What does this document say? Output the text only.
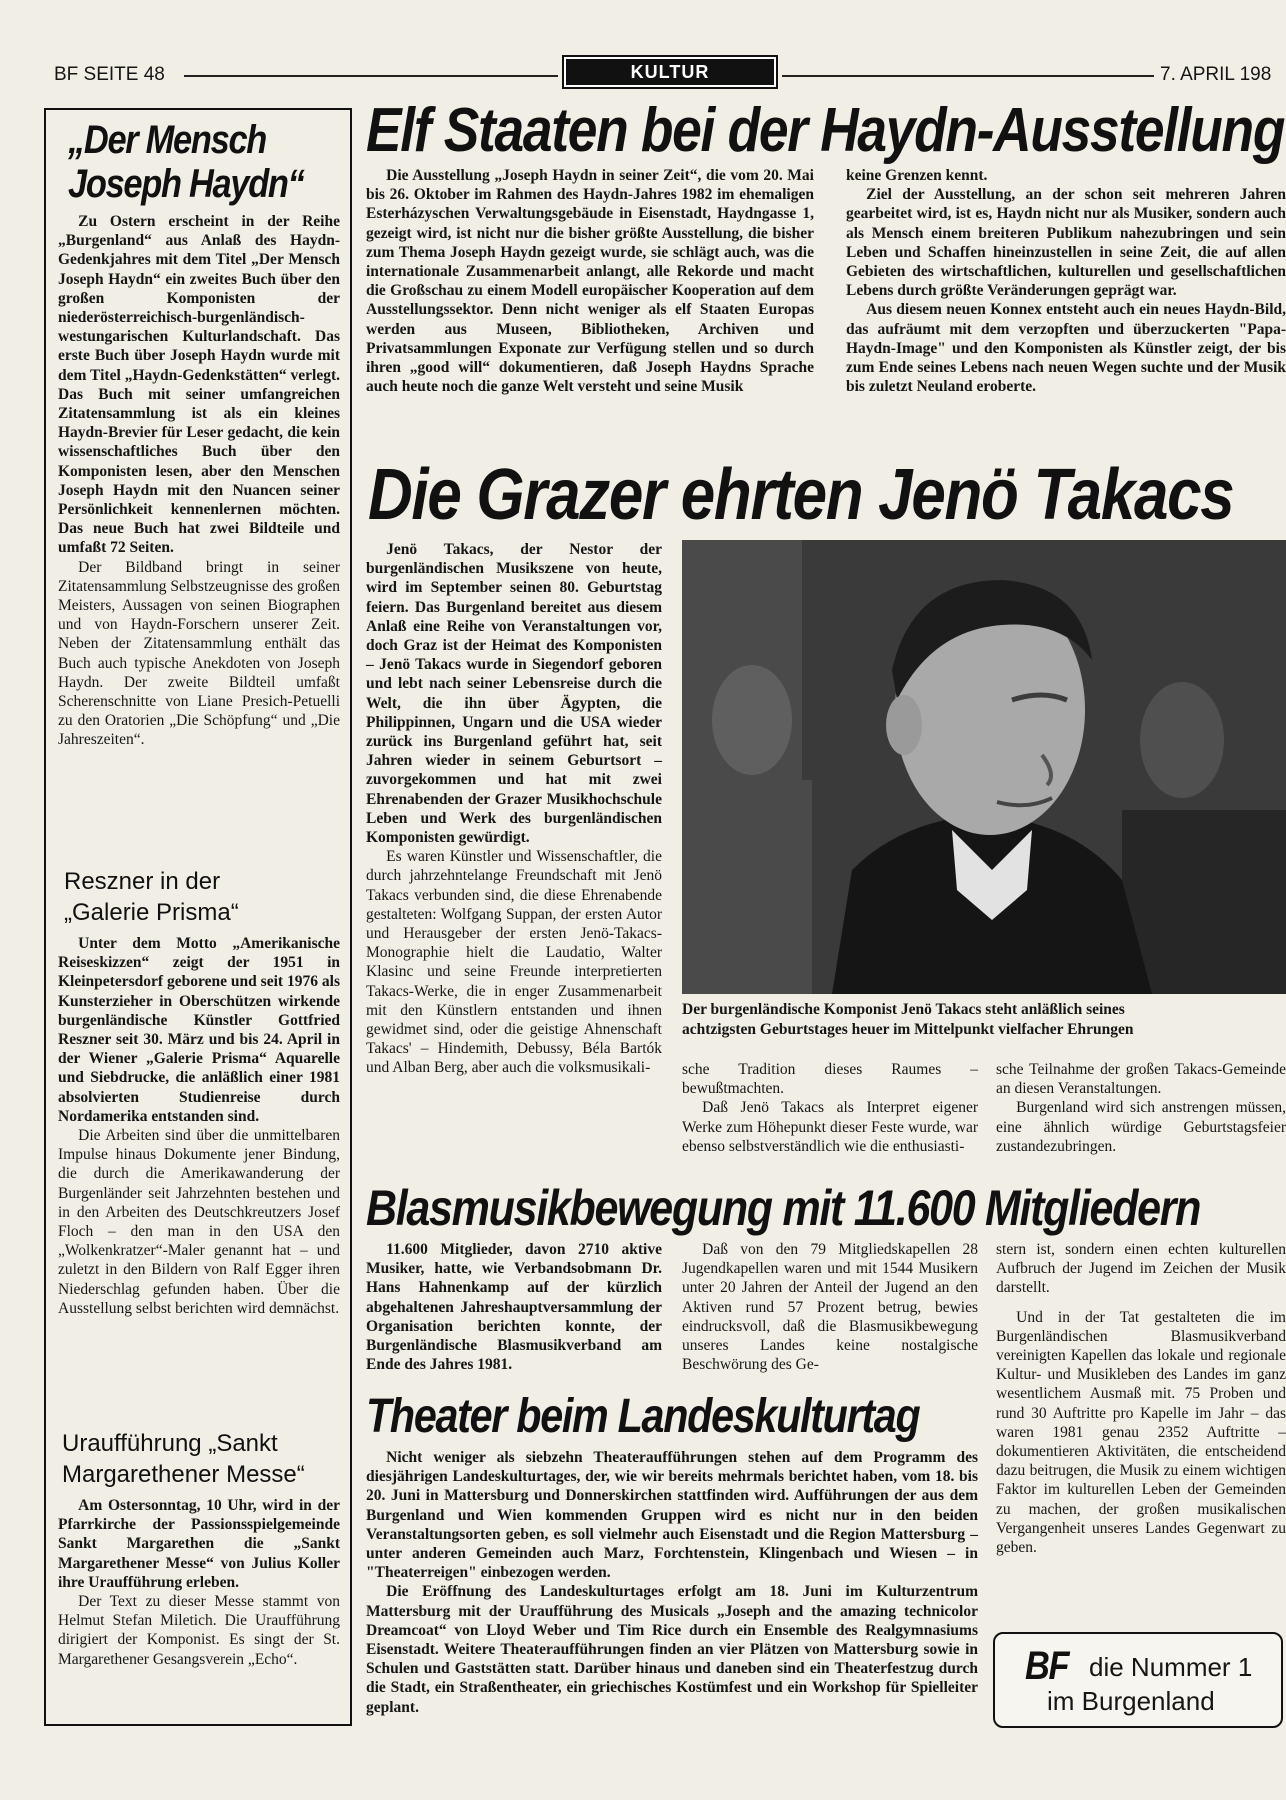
BF SEITE 48	KULTUR	7. APRIL 198
„Der Mensch
Joseph Haydn“

Zu Ostern erscheint in der Reihe „Burgenland“ aus Anlaß des Haydn-Gedenkjahres mit dem Titel „Der Mensch Joseph Haydn“ ein zweites Buch über den großen Komponisten der niederösterreichisch-burgenländisch-westungarischen Kulturlandschaft. Das erste Buch über Joseph Haydn wurde mit dem Titel „Haydn-Gedenkstätten“ verlegt. Das Buch mit seiner umfangreichen Zitatensammlung ist als ein kleines Haydn-Brevier für Leser gedacht, die kein wissenschaftliches Buch über den Komponisten lesen, aber den Menschen Joseph Haydn mit den Nuancen seiner Persönlichkeit kennenlernen möchten. Das neue Buch hat zwei Bildteile und umfaßt 72 Seiten.

Der Bildband bringt in seiner Zitatensammlung Selbstzeugnisse des großen Meisters, Aussagen von seinen Biographen und von Haydn-Forschern unserer Zeit. Neben der Zitatensammlung enthält das Buch auch typische Anekdoten von Joseph Haydn. Der zweite Bildteil umfaßt Scherenschnitte von Liane Presich-Petuelli zu den Oratorien „Die Schöpfung“ und „Die Jahreszeiten“.

Reszner in der
„Galerie Prisma“

Unter dem Motto „Amerikanische Reiseskizzen“ zeigt der 1951 in Kleinpetersdorf geborene und seit 1976 als Kunsterzieher in Oberschützen wirkende burgenländische Künstler Gottfried Reszner seit 30. März und bis 24. April in der Wiener „Galerie Prisma“ Aquarelle und Siebdrucke, die anläßlich einer 1981 absolvierten Studienreise durch Nordamerika entstanden sind.

Die Arbeiten sind über die unmittelbaren Impulse hinaus Dokumente jener Bindung, die durch die Amerikawanderung der Burgenländer seit Jahrzehnten bestehen und in den Arbeiten des Deutschkreutzers Josef Floch – den man in den USA den „Wolkenkratzer“-Maler genannt hat – und zuletzt in den Bildern von Ralf Egger ihren Niederschlag gefunden haben. Über die Ausstellung selbst berichten wird demnächst.

Uraufführung „Sankt
Margarethener Messe“

Am Ostersonntag, 10 Uhr, wird in der Pfarrkirche der Passionsspielgemeinde Sankt Margarethen die „Sankt Margarethener Messe“ von Julius Koller ihre Uraufführung erleben.

Der Text zu dieser Messe stammt von Helmut Stefan Miletich. Die Uraufführung dirigiert der Komponist. Es singt der St. Margarethener Gesangsverein „Echo“.

Elf Staaten bei der Haydn-Ausstellung

Die Ausstellung „Joseph Haydn in seiner Zeit“, die vom 20. Mai bis 26. Oktober im Rahmen des Haydn-Jahres 1982 im ehemaligen Esterházyschen Verwaltungsgebäude in Eisenstadt, Haydngasse 1, gezeigt wird, ist nicht nur die bisher größte Ausstellung, die bisher zum Thema Joseph Haydn gezeigt wurde, sie schlägt auch, was die internationale Zusammenarbeit anlangt, alle Rekorde und macht die Großschau zu einem Modell europäischer Kooperation auf dem Ausstellungssektor. Denn nicht weniger als elf Staaten Europas werden aus Museen, Bibliotheken, Archiven und Privatsammlungen Exponate zur Verfügung stellen und so durch ihren „good will“ dokumentieren, daß Joseph Haydns Sprache auch heute noch die ganze Welt versteht und seine Musik

keine Grenzen kennt.

Ziel der Ausstellung, an der schon seit mehreren Jahren gearbeitet wird, ist es, Haydn nicht nur als Musiker, sondern auch als Mensch einem breiteren Publikum nahezubringen und sein Leben und Schaffen hineinzustellen in seine Zeit, die auf allen Gebieten des wirtschaftlichen, kulturellen und gesellschaftlichen Lebens durch größte Veränderungen geprägt war.

Aus diesem neuen Konnex entsteht auch ein neues Haydn-Bild, das aufräumt mit dem verzopften und überzuckerten "Papa-Haydn-Image" und den Komponisten als Künstler zeigt, der bis zum Ende seines Lebens nach neuen Wegen suchte und der Musik bis zuletzt Neuland eroberte.

Die Grazer ehrten Jenö Takacs

Jenö Takacs, der Nestor der burgenländischen Musikszene von heute, wird im September seinen 80. Geburtstag feiern. Das Burgenland bereitet aus diesem Anlaß eine Reihe von Veranstaltungen vor, doch Graz ist der Heimat des Komponisten – Jenö Takacs wurde in Siegendorf geboren und lebt nach seiner Lebensreise durch die Welt, die ihn über Ägypten, die Philippinnen, Ungarn und die USA wieder zurück ins Burgenland geführt hat, seit Jahren wieder in seinem Geburtsort – zuvorgekommen und hat mit zwei Ehrenabenden der Grazer Musikhochschule Leben und Werk des burgenländischen Komponisten gewürdigt.

Es waren Künstler und Wissenschaftler, die durch jahrzehntelange Freundschaft mit Jenö Takacs verbunden sind, die diese Ehrenabende gestalteten: Wolfgang Suppan, der ersten Autor und Herausgeber der ersten Jenö-Takacs-Monographie hielt die Laudatio, Walter Klasinc und seine Freunde interpretierten Takacs-Werke, die in enger Zusammenarbeit mit den Künstlern entstanden und ihnen gewidmet sind, oder die geistige Ahnenschaft Takacs' – Hindemith, Debussy, Béla Bartók und Alban Berg, aber auch die volksmusikali-

Der burgenländische Komponist Jenö Takacs steht anläßlich seines
achtzigsten Geburtstages heuer im Mittelpunkt vielfacher Ehrungen

sche Tradition dieses Raumes – bewußtmachten.

Daß Jenö Takacs als Interpret eigener Werke zum Höhepunkt dieser Feste wurde, war ebenso selbstverständlich wie die enthusiasti-

sche Teilnahme der großen Takacs-Gemeinde an diesen Veranstaltungen.

Burgenland wird sich anstrengen müssen, eine ähnlich würdige Geburtstagsfeier zustandezubringen.

Blasmusikbewegung mit 11.600 Mitgliedern

11.600 Mitglieder, davon 2710 aktive Musiker, hatte, wie Verbandsobmann Dr. Hans Hahnenkamp auf der kürzlich abgehaltenen Jahreshauptversammlung der Organisation berichten konnte, der Burgenländische Blasmusikverband am Ende des Jahres 1981.

Daß von den 79 Mitgliedskapellen 28 Jugendkapellen waren und mit 1544 Musikern unter 20 Jahren der Anteil der Jugend an den Aktiven rund 57 Prozent betrug, bewies eindrucksvoll, daß die Blasmusikbewegung unseres Landes keine nostalgische Beschwörung des Ge-

stern ist, sondern einen echten kulturellen Aufbruch der Jugend im Zeichen der Musik darstellt.

Und in der Tat gestalteten die im Burgenländischen Blasmusikverband vereinigten Kapellen das lokale und regionale Kultur- und Musikleben des Landes im ganz wesentlichem Ausmaß mit. 75 Proben und rund 30 Auftritte pro Kapelle im Jahr – das waren 1981 genau 2352 Auftritte – dokumentieren Aktivitäten, die entscheidend dazu beitrugen, die Musik zu einem wichtigen Faktor im kulturellen Leben der Gemeinden zu machen, der großen musikalischen Vergangenheit unseres Landes Gegenwart zu geben.

Theater beim Landeskulturtag

Nicht weniger als siebzehn Theateraufführungen stehen auf dem Programm des diesjährigen Landeskulturtages, der, wie wir bereits mehrmals berichtet haben, vom 18. bis 20. Juni in Mattersburg und Donnerskirchen stattfinden wird. Aufführungen der aus dem Burgenland und Wien kommenden Gruppen wird es nicht nur in den beiden Veranstaltungsorten geben, es soll vielmehr auch Eisenstadt und die Region Mattersburg – unter anderen Gemeinden auch Marz, Forchtenstein, Klingenbach und Wiesen – in "Theaterreigen" einbezogen werden.

Die Eröffnung des Landeskulturtages erfolgt am 18. Juni im Kulturzentrum Mattersburg mit der Uraufführung des Musicals „Joseph and the amazing technicolor Dreamcoat“ von Lloyd Weber und Tim Rice durch ein Ensemble des Realgymnasiums Eisenstadt. Weitere Theateraufführungen finden an vier Plätzen von Mattersburg sowie in Schulen und Gaststätten statt. Darüber hinaus und daneben sind ein Theaterfestzug durch die Stadt, ein Straßentheater, ein griechisches Kostümfest und ein Workshop für Spielleiter geplant.

BF die Nummer 1
im Burgenland
